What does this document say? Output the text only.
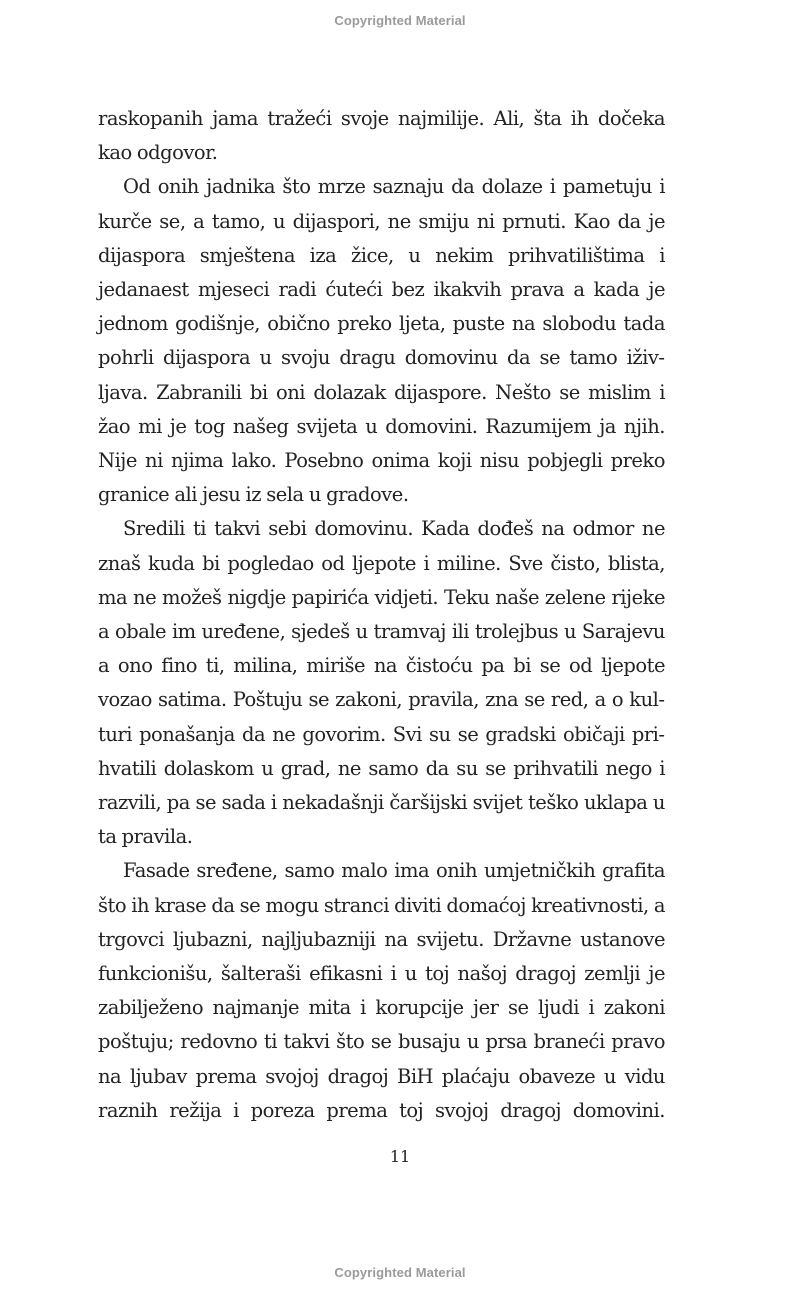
Copyrighted Material

raskopanih jama tražeći svoje najmilije. Ali, šta ih dočeka kao odgovor.

Od onih jadnika što mrze saznaju da dolaze i pametuju i kurče se, a tamo, u dijaspori, ne smiju ni prnuti. Kao da je dijaspora smještena iza žice, u nekim prihvatilištima i jedanaest mjeseci radi ćuteći bez ikakvih prava a kada je jednom godišnje, obično preko ljeta, puste na slobodu tada pohrli dijaspora u svoju dragu domovinu da se tamo iživljava. Zabranili bi oni dolazak dijaspore. Nešto se mislim i žao mi je tog našeg svijeta u domovini. Razumijem ja njih. Nije ni njima lako. Posebno onima koji nisu pobjegli preko granice ali jesu iz sela u gradove.

Sredili ti takvi sebi domovinu. Kada dođeš na odmor ne znaš kuda bi pogledao od ljepote i miline. Sve čisto, blista, ma ne možeš nigdje papirića vidjeti. Teku naše zelene rijeke a obale im uređene, sjedeš u tramvaj ili trolejbus u Sarajevu a ono fino ti, milina, miriše na čistoću pa bi se od ljepote vozao satima. Poštuju se zakoni, pravila, zna se red, a o kulturi ponašanja da ne govorim. Svi su se gradski običaji prihvatili dolaskom u grad, ne samo da su se prihvatili nego i razvili, pa se sada i nekadašnji čaršijski svijet teško uklapa u ta pravila.

Fasade sređene, samo malo ima onih umjetničkih grafita što ih krase da se mogu stranci diviti domaćoj kreativnosti, a trgovci ljubazni, najljubazniji na svijetu. Državne ustanove funkcionišu, šalteraši efikasni i u toj našoj dragoj zemlji je zabilježeno najmanje mita i korupcije jer se ljudi i zakoni poštuju; redovno ti takvi što se busaju u prsa braneći pravo na ljubav prema svojoj dragoj BiH plaćaju obaveze u vidu raznih režija i poreza prema toj svojoj dragoj domovini.

11
Copyrighted Material
